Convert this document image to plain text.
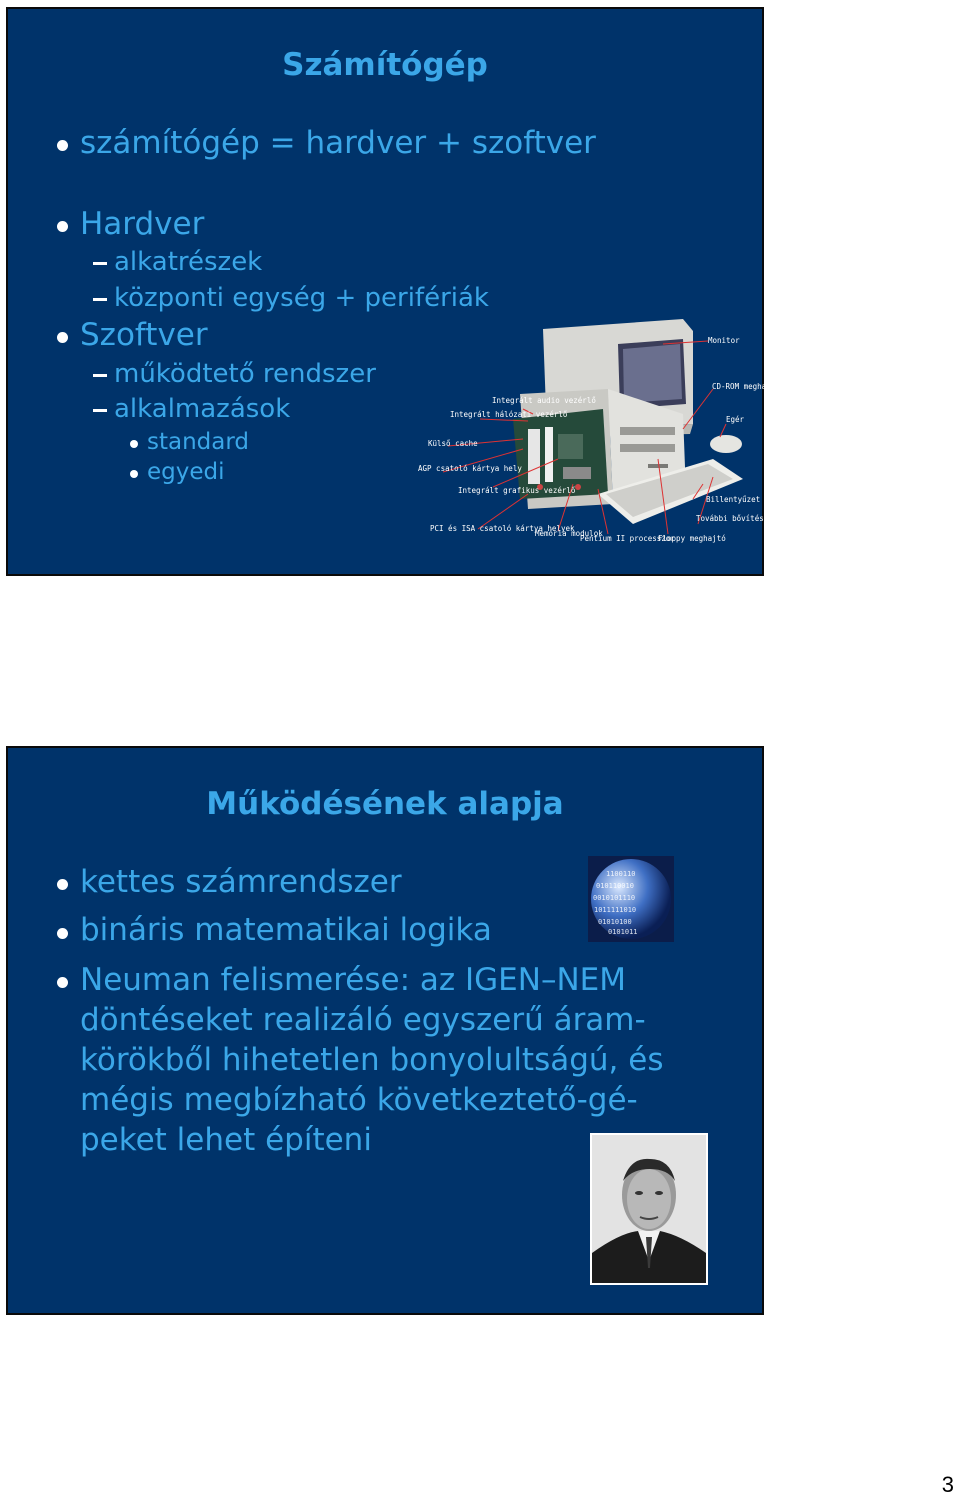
Számítógép

számítógép = hardver + szoftver

Hardver

alkatrészek

központi egység + perifériák

Szoftver

működtető rendszer

alkalmazások

standard

egyedi

Monitor
CD-ROM meghajtó
Egér
Billentyűzet
További bővítési lehetőség
Floppy meghajtó
Pentium II processzor
Memória modulok
PCI és ISA csatoló kártya helyek
Integrált grafikus vezérlő
AGP csatoló kártya hely
Külső cache
Integrált hálózati vezérlő
Integrált audio vezérlő
Működésének alapja

kettes számrendszer

bináris matematikai logika

Neuman felismerése: az IGEN–NEM
döntéseket realizáló egyszerű áram-
körökből hihetetlen bonyolultságú, és
mégis megbízható következtető-gé-
peket lehet építeni
1100110
010110010
0010101110
1011111010
01010100
0101011
3
